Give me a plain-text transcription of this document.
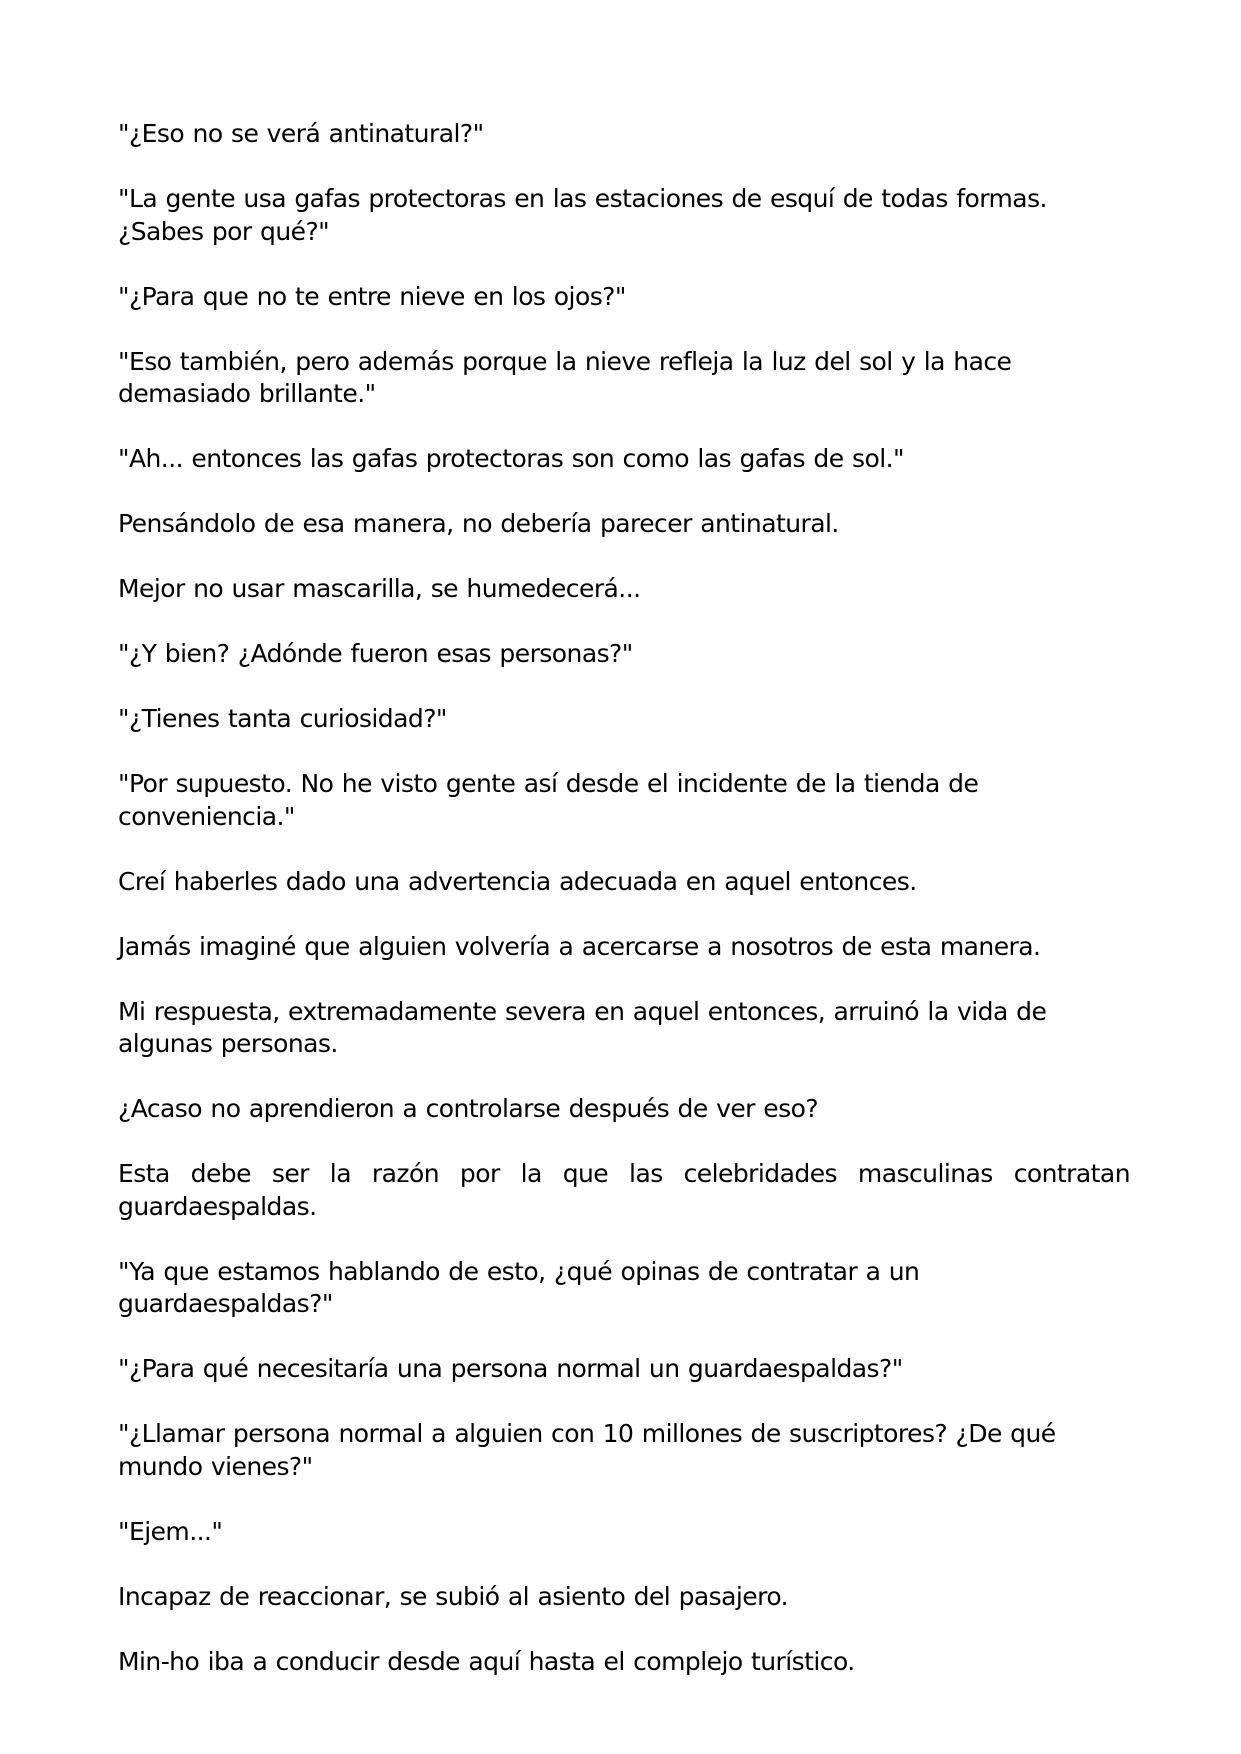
"¿Eso no se verá antinatural?"

"La gente usa gafas protectoras en las estaciones de esquí de todas formas. ¿Sabes por qué?"

"¿Para que no te entre nieve en los ojos?"

"Eso también, pero además porque la nieve refleja la luz del sol y la hace demasiado brillante."

"Ah... entonces las gafas protectoras son como las gafas de sol."

Pensándolo de esa manera, no debería parecer antinatural.

Mejor no usar mascarilla, se humedecerá...

"¿Y bien? ¿Adónde fueron esas personas?"

"¿Tienes tanta curiosidad?"

"Por supuesto. No he visto gente así desde el incidente de la tienda de conveniencia."

Creí haberles dado una advertencia adecuada en aquel entonces.

Jamás imaginé que alguien volvería a acercarse a nosotros de esta manera.

Mi respuesta, extremadamente severa en aquel entonces, arruinó la vida de algunas personas.

¿Acaso no aprendieron a controlarse después de ver eso?

Esta debe ser la razón por la que las celebridades masculinas contratan guardaespaldas.

"Ya que estamos hablando de esto, ¿qué opinas de contratar a un guardaespaldas?"

"¿Para qué necesitaría una persona normal un guardaespaldas?"

"¿Llamar persona normal a alguien con 10 millones de suscriptores? ¿De qué mundo vienes?"

"Ejem..."

Incapaz de reaccionar, se subió al asiento del pasajero.

Min-ho iba a conducir desde aquí hasta el complejo turístico.
